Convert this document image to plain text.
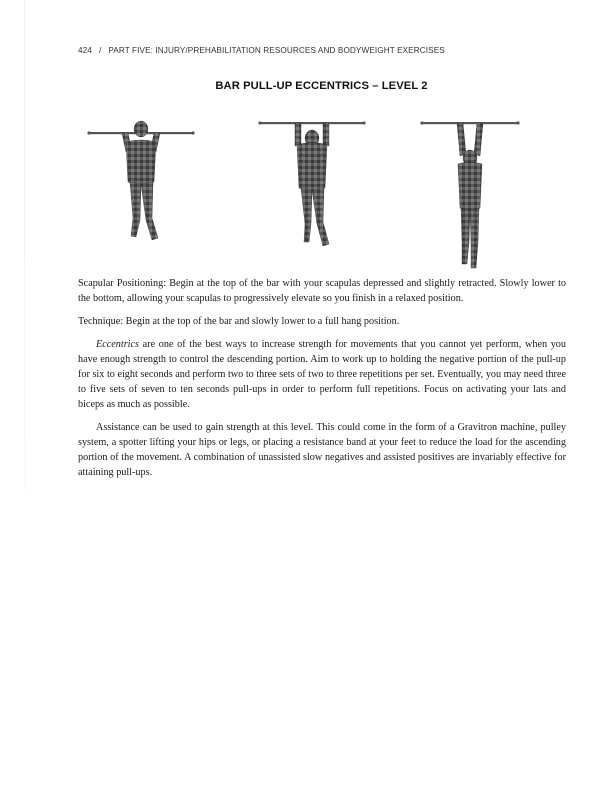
424 / PART FIVE: INJURY/PREHABILITATION RESOURCES AND BODYWEIGHT EXERCISES
BAR PULL-UP ECCENTRICS – LEVEL 2

Scapular Positioning: Begin at the top of the bar with your scapulas depressed and slightly retracted. Slowly lower to the bottom, allowing your scapulas to progressively elevate so you finish in a relaxed position.

Technique: Begin at the top of the bar and slowly lower to a full hang position.

Eccentrics are one of the best ways to increase strength for movements that you cannot yet perform, when you have enough strength to control the descending portion. Aim to work up to holding the negative portion of the pull-up for six to eight seconds and perform two to three sets of two to three repetitions per set. Eventually, you may need three to five sets of seven to ten seconds pull-ups in order to perform full repetitions. Focus on activating your lats and biceps as much as possible.

Assistance can be used to gain strength at this level. This could come in the form of a Gravitron machine, pulley system, a spotter lifting your hips or legs, or placing a resistance band at your feet to reduce the load for the ascending portion of the movement. A combination of unassisted slow negatives and assisted positives are invariably effective for attaining pull-ups.
